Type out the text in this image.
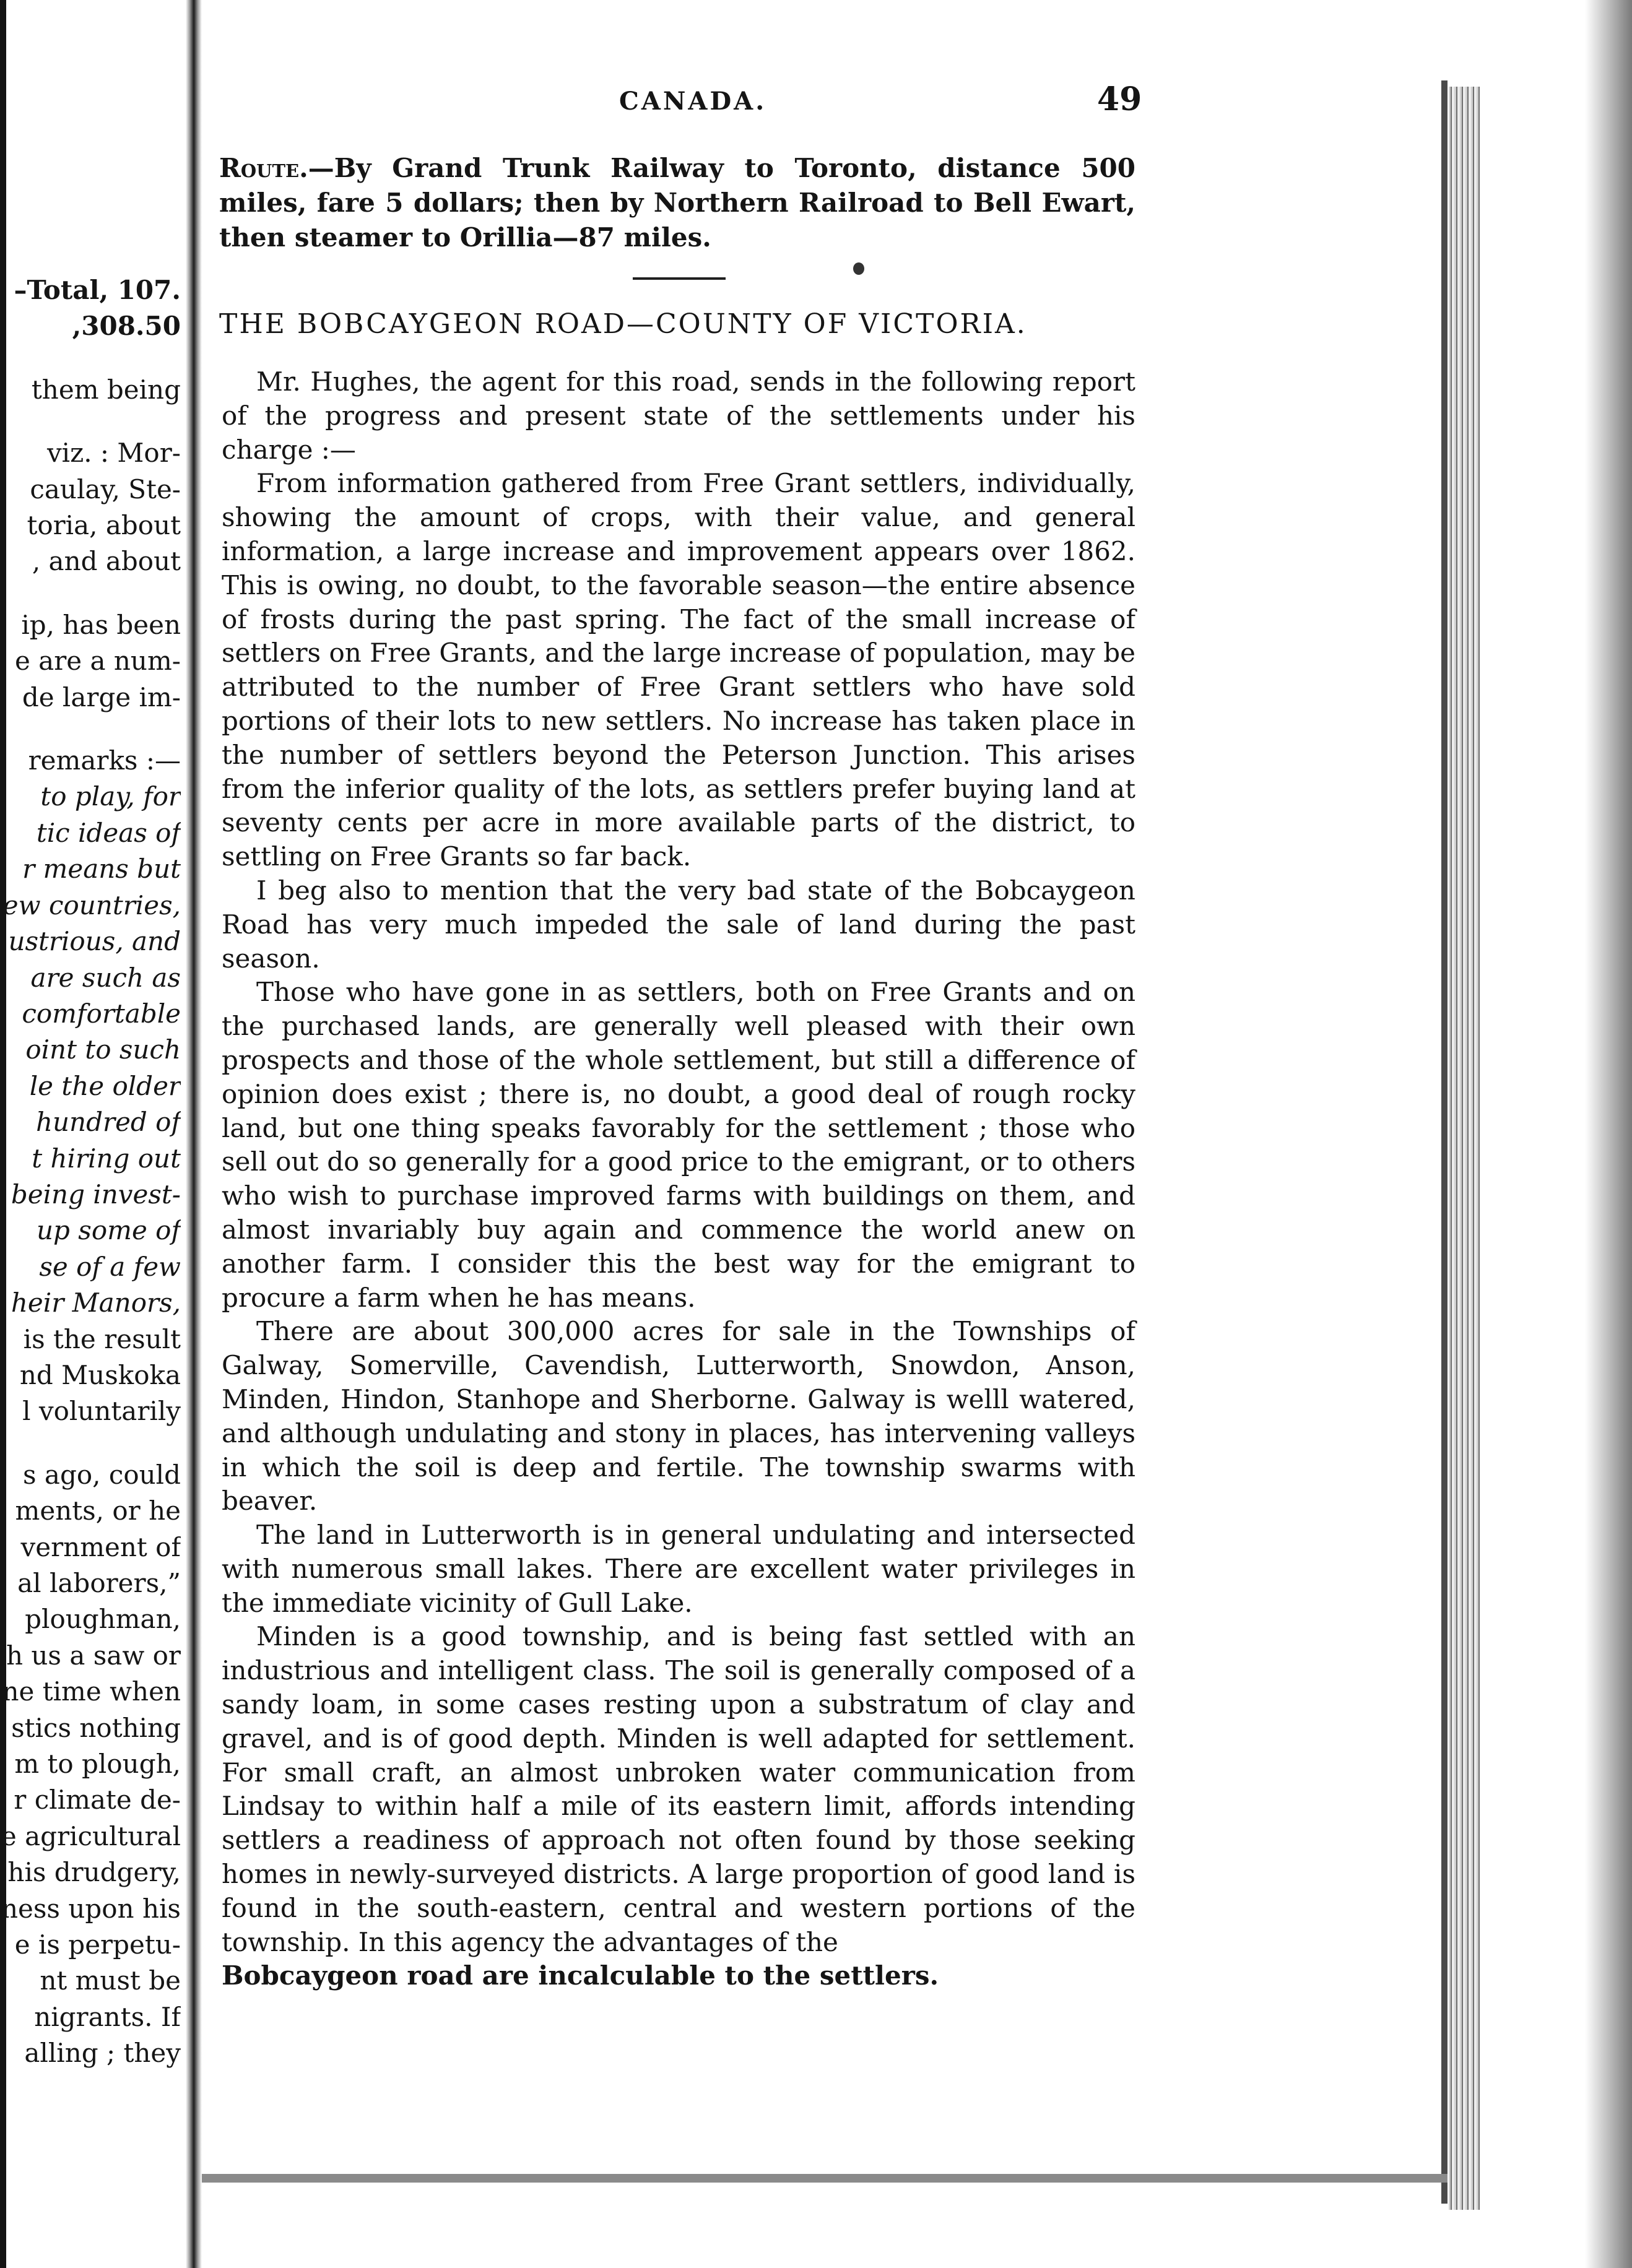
–Total, 107.
,308.50
them being
viz. : Mor-
caulay, Ste-
toria, about
, and about
ip, has been
e are a num-
de large im-
remarks :—
to play, for
tic ideas of
r means but
ew countries,
ustrious, and
are such as
comfortable
oint to such
le the older
hundred of
t hiring out
being invest-
up some of
se of a few
heir Manors,
is the result
nd Muskoka
l voluntarily
s ago, could
ments, or he
vernment of
al laborers,”
ploughman,
h us a saw or
ne time when
stics nothing
m to plough,
r climate de-
e agricultural
his drudgery,
ness upon his
e is perpetu-
nt must be
nigrants. If
alling ; they
CANADA.	49
Route.—By Grand Trunk Railway to Toronto, distance 500 miles, fare 5 dollars; then by Northern Railroad to Bell Ewart, then steamer to Orillia—87 miles.
THE BOBCAYGEON ROAD—COUNTY OF VICTORIA.

Mr. Hughes, the agent for this road, sends in the following report of the progress and present state of the settlements under his charge :—

From information gathered from Free Grant settlers, individually, showing the amount of crops, with their value, and general information, a large increase and improvement appears over 1862. This is owing, no doubt, to the favorable season—the entire absence of frosts during the past spring. The fact of the small increase of settlers on Free Grants, and the large increase of population, may be attributed to the number of Free Grant settlers who have sold portions of their lots to new settlers. No increase has taken place in the number of settlers beyond the Peterson Junction. This arises from the inferior quality of the lots, as settlers prefer buying land at seventy cents per acre in more available parts of the district, to settling on Free Grants so far back.

I beg also to mention that the very bad state of the Bobcaygeon Road has very much impeded the sale of land during the past season.

Those who have gone in as settlers, both on Free Grants and on the purchased lands, are generally well pleased with their own prospects and those of the whole settlement, but still a difference of opinion does exist ; there is, no doubt, a good deal of rough rocky land, but one thing speaks favorably for the settlement ; those who sell out do so generally for a good price to the emigrant, or to others who wish to purchase improved farms with buildings on them, and almost invariably buy again and commence the world anew on another farm. I consider this the best way for the emigrant to procure a farm when he has means.

There are about 300,000 acres for sale in the Townships of Galway, Somerville, Cavendish, Lutterworth, Snowdon, Anson, Minden, Hindon, Stanhope and Sherborne. Galway is welll watered, and although undulating and stony in places, has intervening valleys in which the soil is deep and fertile. The township swarms with beaver.

The land in Lutterworth is in general undulating and intersected with numerous small lakes. There are excellent water privileges in the immediate vicinity of Gull Lake.

Minden is a good township, and is being fast settled with an industrious and intelligent class. The soil is generally composed of a sandy loam, in some cases resting upon a substratum of clay and gravel, and is of good depth. Minden is well adapted for settlement. For small craft, an almost unbroken water communication from Lindsay to within half a mile of its eastern limit, affords intending settlers a readiness of approach not often found by those seeking homes in newly-surveyed districts. A large proportion of good land is found in the south-eastern, central and western portions of the township. In this agency the advantages of the

Bobcaygeon road are incalculable to the settlers.
